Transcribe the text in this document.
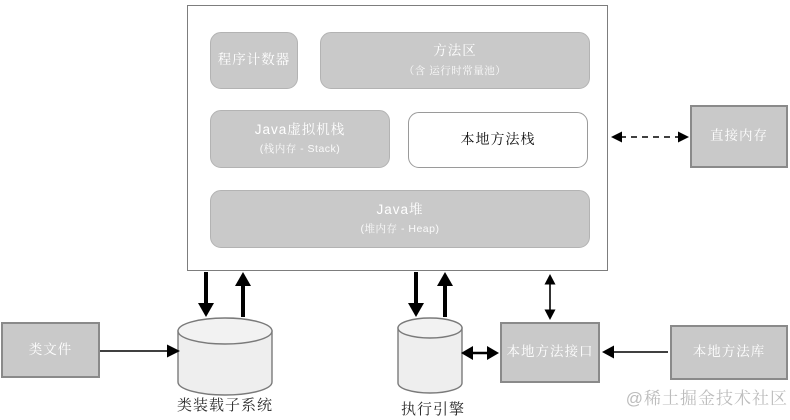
程序计数器
方法区
（含 运行时常量池）
Java虚拟机栈
(栈内存 - Stack)
本地方法栈
Java堆
(堆内存 - Heap)
直接内存
类文件	本地方法接口	本地方法库
类装载子系统	执行引擎
@稀土掘金技术社区
